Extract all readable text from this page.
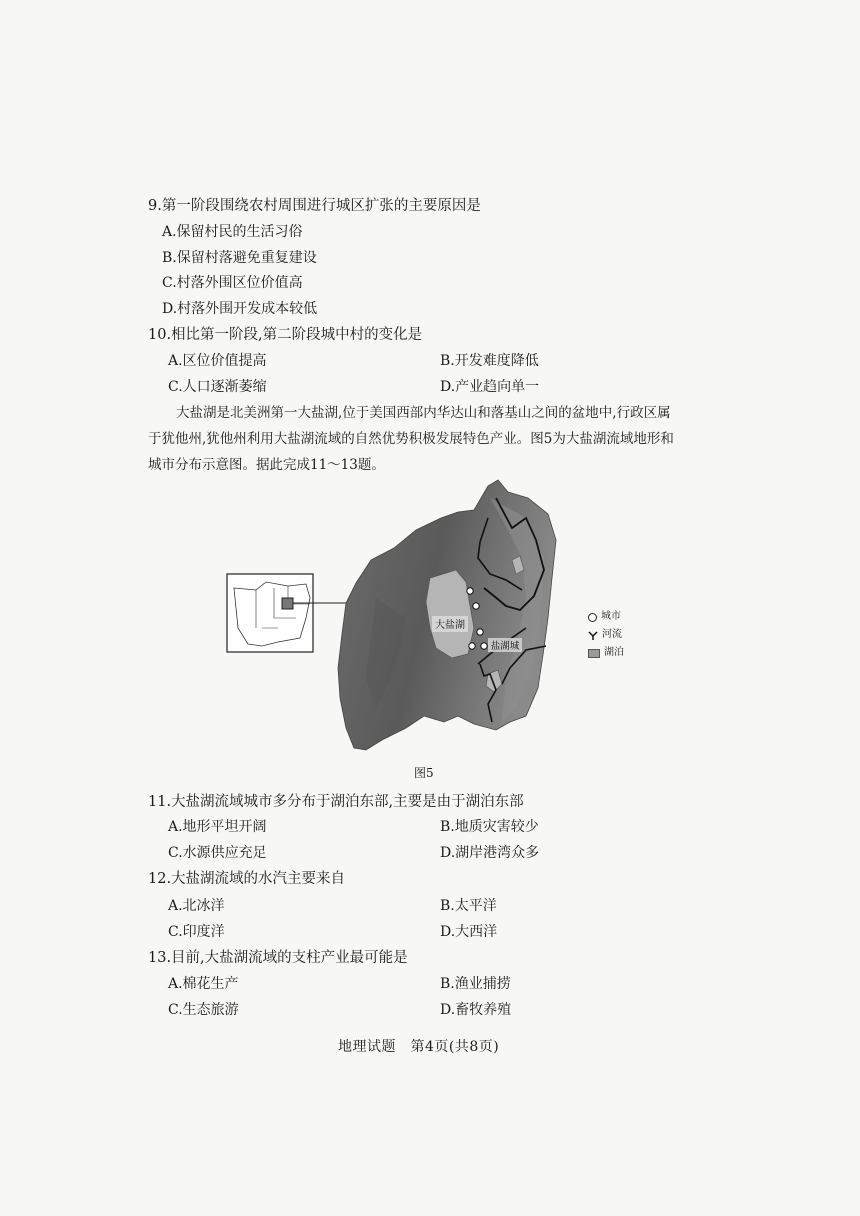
9.第一阶段围绕农村周围进行城区扩张的主要原因是
A.保留村民的生活习俗
B.保留村落避免重复建设
C.村落外围区位价值高
D.村落外围开发成本较低
10.相比第一阶段,第二阶段城中村的变化是
A.区位价值提高	B.开发难度降低
C.人口逐渐萎缩	D.产业趋向单一
大盐湖是北美洲第一大盐湖,位于美国西部内华达山和落基山之间的盆地中,行政区属
于犹他州,犹他州利用大盐湖流域的自然优势积极发展特色产业。图5为大盐湖流域地形和
城市分布示意图。据此完成11～13题。
大盐湖
盐湖城
城市
河流
湖泊
图5
11.大盐湖流域城市多分布于湖泊东部,主要是由于湖泊东部
A.地形平坦开阔	B.地质灾害较少
C.水源供应充足	D.湖岸港湾众多
12.大盐湖流域的水汽主要来自
A.北冰洋	B.太平洋
C.印度洋	D.大西洋
13.目前,大盐湖流域的支柱产业最可能是
A.棉花生产	B.渔业捕捞
C.生态旅游	D.畜牧养殖
地理试题　第4页(共8页)
